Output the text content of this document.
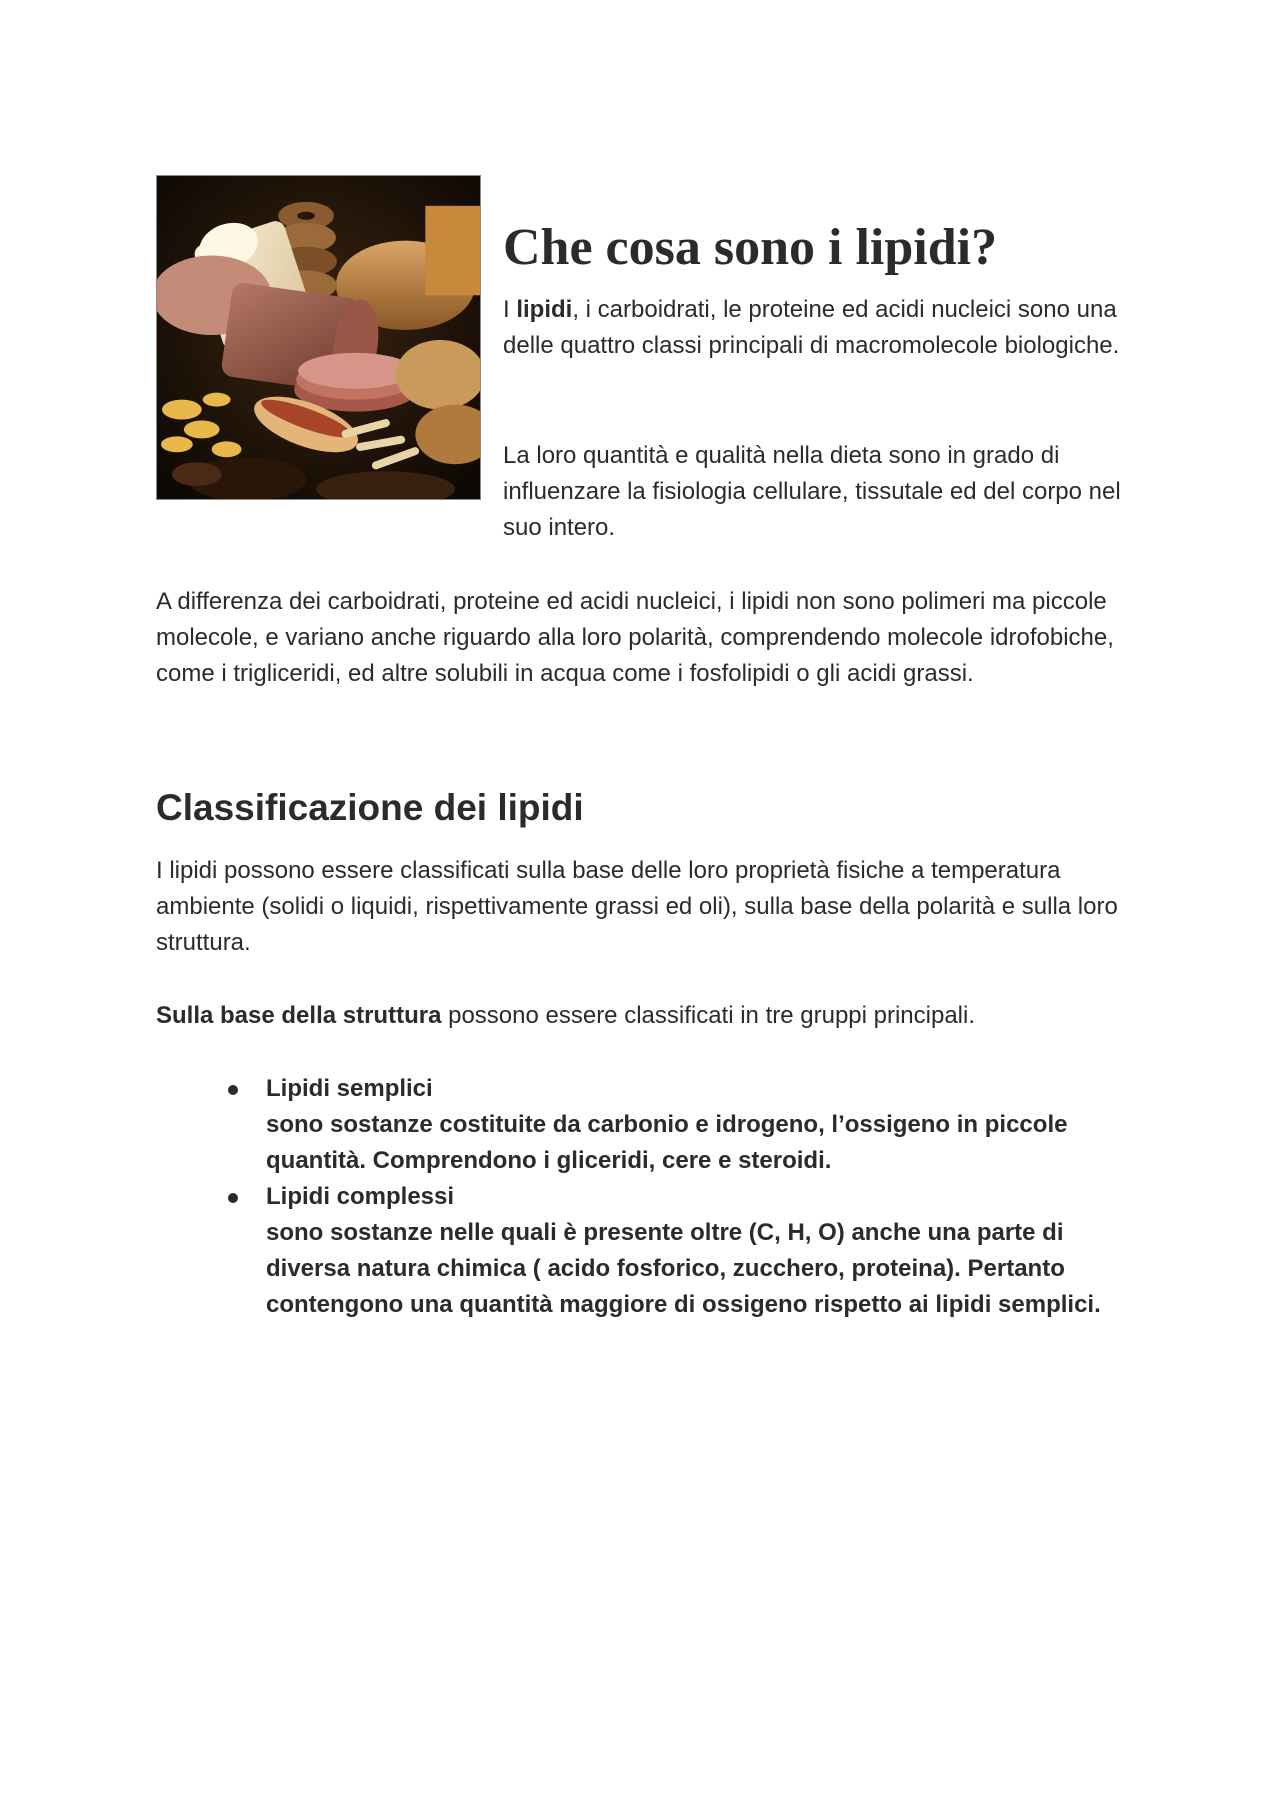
Che cosa sono i lipidi?

I lipidi, i carboidrati, le proteine ed acidi nucleici sono una delle quattro classi principali di macromolecole biologiche.

La loro quantità e qualità nella dieta sono in grado di influenzare la fisiologia cellulare, tissutale ed del corpo nel suo intero.

A differenza dei carboidrati, proteine ed acidi nucleici, i lipidi non sono polimeri ma piccole molecole, e variano anche riguardo alla loro polarità, comprendendo molecole idrofobiche, come i trigliceridi, ed altre solubili in acqua come i fosfolipidi o gli acidi grassi.

Classificazione dei lipidi

I lipidi possono essere classificati sulla base delle loro proprietà fisiche a temperatura ambiente (solidi o liquidi, rispettivamente grassi ed oli), sulla base della polarità e sulla loro struttura.

Sulla base della struttura possono essere classificati in tre gruppi principali.

Lipidi semplici
sono sostanze costituite da carbonio e idrogeno, l’ossigeno in piccole quantità. Comprendono i gliceridi, cere e steroidi.
Lipidi complessi
sono sostanze nelle quali è presente oltre (C, H, O) anche una parte di diversa natura chimica ( acido fosforico, zucchero, proteina). Pertanto contengono una quantità maggiore di ossigeno rispetto ai lipidi semplici.
